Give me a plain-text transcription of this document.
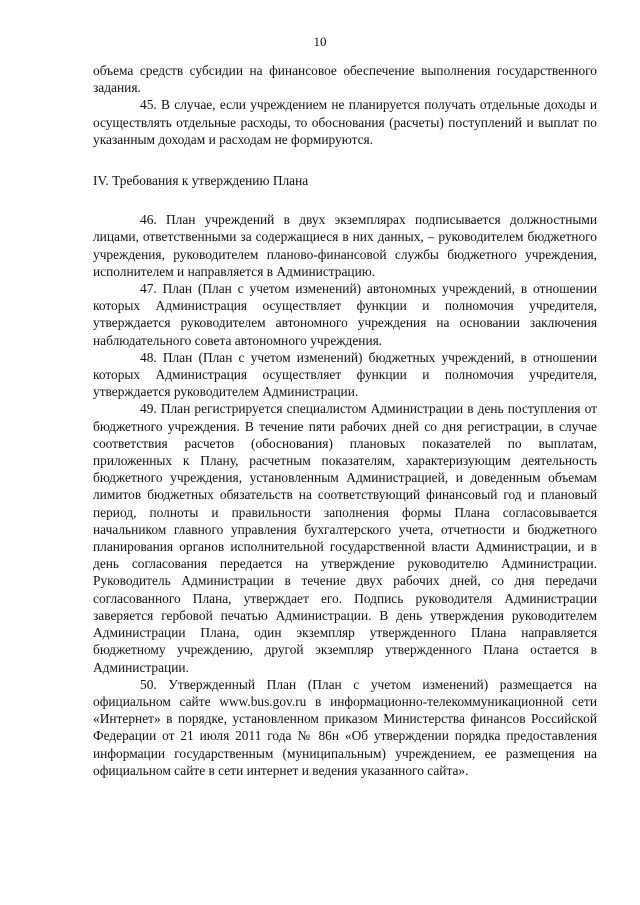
10

объема средств субсидии на финансовое обеспечение выполнения государственного задания.

45. В случае, если учреждением не планируется получать отдельные доходы и осуществлять отдельные расходы, то обоснования (расчеты) поступлений и выплат по указанным доходам и расходам не формируются.

IV. Требования к утверждению Плана

46. План учреждений в двух экземплярах подписывается должностными лицами, ответственными за содержащиеся в них данных, – руководителем бюджетного учреждения, руководителем планово-финансовой службы бюджетного учреждения, исполнителем и направляется в Администрацию.

47. План (План с учетом изменений) автономных учреждений, в отношении которых Администрация осуществляет функции и полномочия учредителя, утверждается руководителем автономного учреждения на основании заключения наблюдательного совета автономного учреждения.

48. План (План с учетом изменений) бюджетных учреждений, в отношении которых Администрация осуществляет функции и полномочия учредителя, утверждается руководителем Администрации.

49. План регистрируется специалистом Администрации в день поступления от бюджетного учреждения. В течение пяти рабочих дней со дня регистрации, в случае соответствия расчетов (обоснования) плановых показателей по выплатам, приложенных к Плану, расчетным показателям, характеризующим деятельность бюджетного учреждения, установленным Администрацией, и доведенным объемам лимитов бюджетных обязательств на соответствующий финансовый год и плановый период, полноты и правильности заполнения формы Плана согласовывается начальником главного управления бухгалтерского учета, отчетности и бюджетного планирования органов исполнительной государственной власти Администрации, и в день согласования передается на утверждение руководителю Администрации. Руководитель Администрации в течение двух рабочих дней, со дня передачи согласованного Плана, утверждает его. Подпись руководителя Администрации заверяется гербовой печатью Администрации. В день утверждения руководителем Администрации Плана, один экземпляр утвержденного Плана направляется бюджетному учреждению, другой экземпляр утвержденного Плана остается в Администрации.

50. Утвержденный План (План с учетом изменений) размещается на официальном сайте www.bus.gov.ru в информационно-телекоммуникационной сети «Интернет» в порядке, установленном приказом Министерства финансов Российской Федерации от 21 июля 2011 года № 86н «Об утверждении порядка предоставления информации государственным (муниципальным) учреждением, ее размещения на официальном сайте в сети интернет и ведения указанного сайта».
